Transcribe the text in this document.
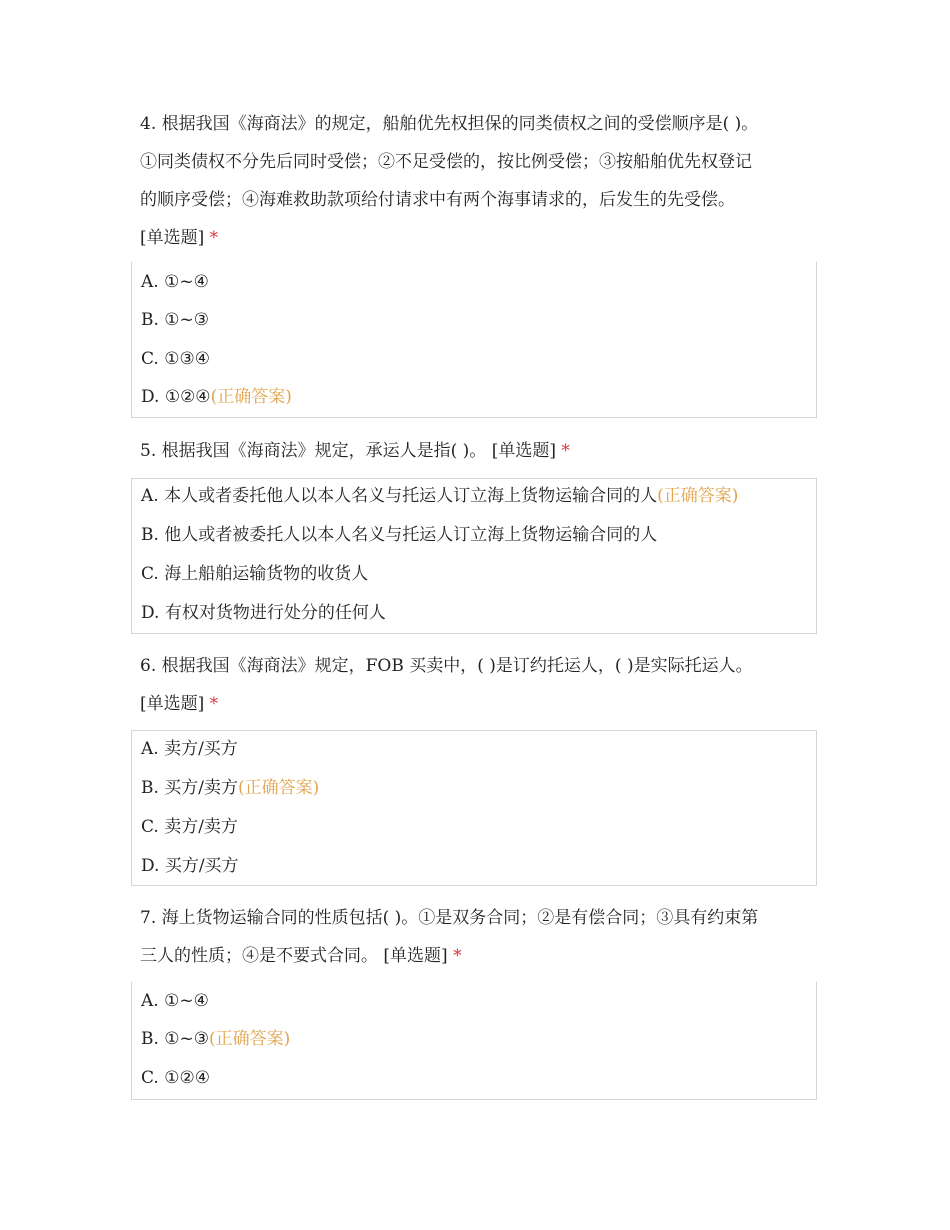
4. 根据我国《海商法》的规定，船舶优先权担保的同类债权之间的受偿顺序是( )。
①同类债权不分先后同时受偿；②不足受偿的，按比例受偿；③按船舶优先权登记
的顺序受偿；④海难救助款项给付请求中有两个海事请求的，后发生的先受偿。
[单选题] *
A. ①~④
B. ①~③
C. ①③④
D. ①②④(正确答案)
5. 根据我国《海商法》规定，承运人是指( )。 [单选题] *
A. 本人或者委托他人以本人名义与托运人订立海上货物运输合同的人(正确答案)
B. 他人或者被委托人以本人名义与托运人订立海上货物运输合同的人
C. 海上船舶运输货物的收货人
D. 有权对货物进行处分的任何人
6. 根据我国《海商法》规定，FOB 买卖中，( )是订约托运人，( )是实际托运人。
[单选题] *
A. 卖方/买方
B. 买方/卖方(正确答案)
C. 卖方/卖方
D. 买方/买方
7. 海上货物运输合同的性质包括( )。①是双务合同；②是有偿合同；③具有约束第
三人的性质；④是不要式合同。 [单选题] *
A. ①~④
B. ①~③(正确答案)
C. ①②④
